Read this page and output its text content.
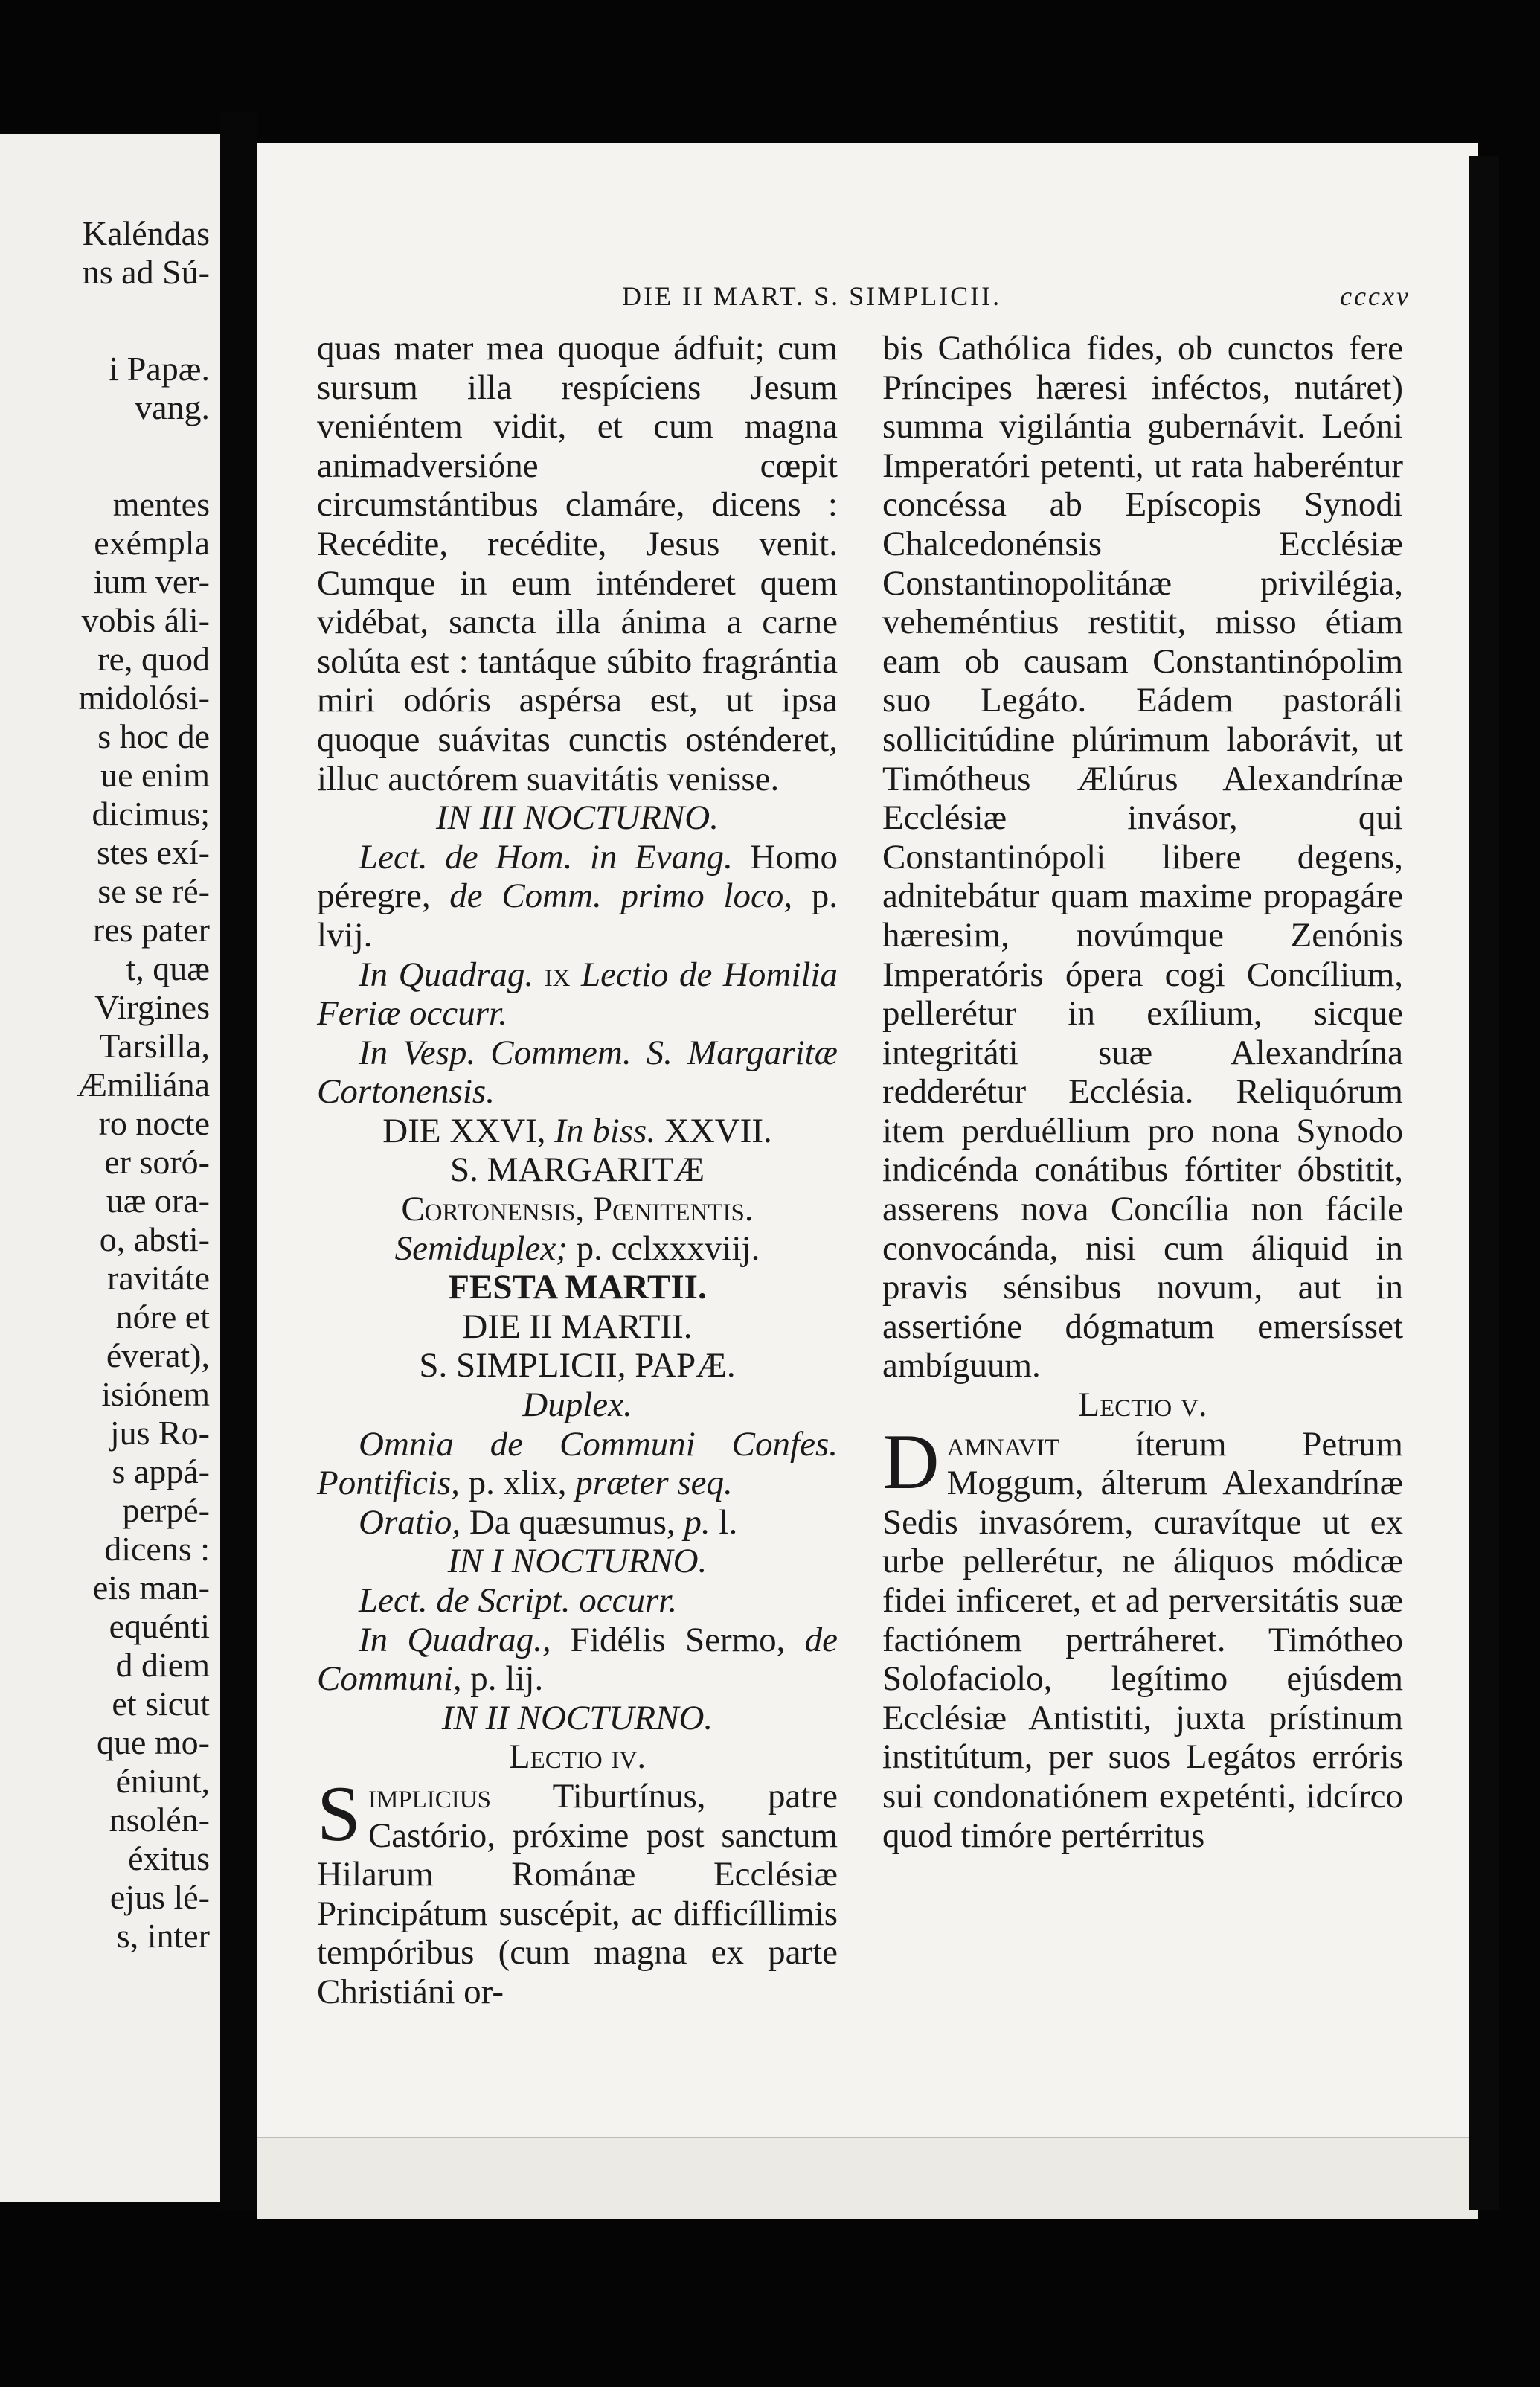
Kaléndas
ns ad Sú-
i Papæ.
vang.
mentes
exémpla
ium ver-
vobis áli-
re, quod
midolósi-
s hoc de
ue enim
dicimus;
stes exí-
se se ré-
res pater
t, quæ
Virgines
Tarsilla,
Æmiliána
ro nocte
er soró-
uæ ora-
o, absti-
ravitáte
nóre et
éverat),
isiónem
jus Ro-
s appá-
perpé-
dicens :
eis man-
equénti
d diem
et sicut
que mo-
éniunt,
nsolén-
éxitus
ejus lé-
s, inter
DIE II MART. S. SIMPLICII.	cccxv

quas mater mea quoque ádfuit; cum sursum illa respíciens Jesum veniéntem vidit, et cum magna animadversióne cœpit circumstántibus clamáre, dicens : Recédite, recédite, Jesus venit. Cumque in eum inténderet quem vidébat, sancta illa ánima a carne solúta est : tantáque súbito fragrántia miri odóris aspérsa est, ut ipsa quoque suávitas cunctis osténderet, illuc auctórem suavitátis venisse.

IN III NOCTURNO.

Lect. de Hom. in Evang. Homo péregre, de Comm. primo loco, p. lvij.

In Quadrag. ix Lectio de Homilia Feriæ occurr.

In Vesp. Commem. S. Margaritæ Cortonensis.

DIE XXVI, In biss. XXVII.

S. MARGARITÆ

Cortonensis, Pœnitentis.

Semiduplex; p. cclxxxviij.

FESTA MARTII.

DIE II MARTII.

S. SIMPLICII, PAPÆ.

Duplex.

Omnia de Communi Confes. Pontificis, p. xlix, præter seq.

Oratio, Da quæsumus, p. l.

IN I NOCTURNO.

Lect. de Script. occurr.

In Quadrag., Fidélis Sermo, de Communi, p. lij.

IN II NOCTURNO.

Lectio iv.

Simplicius Tiburtínus, patre Castório, próxime post sanctum Hilarum Románæ Ecclésiæ Principátum suscépit, ac difficíllimis tempóribus (cum magna ex parte Christiáni or-

bis Cathólica fides, ob cunctos fere Príncipes hæresi inféctos, nutáret) summa vigilántia gubernávit. Leóni Imperatóri petenti, ut rata haberéntur concéssa ab Epíscopis Synodi Chalcedonénsis Ecclésiæ Constantinopolitánæ privilégia, veheméntius restitit, misso étiam eam ob causam Constantinópolim suo Legáto. Eádem pastoráli sollicitúdine plúrimum laborávit, ut Timótheus Ælúrus Alexandrínæ Ecclésiæ invásor, qui Constantinópoli libere degens, adnitebátur quam maxime propagáre hæresim, novúmque Zenónis Imperatóris ópera cogi Concílium, pellerétur in exílium, sicque integritáti suæ Alexandrína redderétur Ecclésia. Reliquórum item perduéllium pro nona Synodo indicénda conátibus fórtiter óbstitit, asserens nova Concília non fácile convocánda, nisi cum áliquid in pravis sénsibus novum, aut in assertióne dógmatum emersísset ambíguum.

Lectio v.

Damnavit íterum Petrum Moggum, álterum Alexandrínæ Sedis invasórem, curavítque ut ex urbe pellerétur, ne áliquos módicæ fidei inficeret, et ad perversitátis suæ factiónem pertráheret. Timótheo Solofaciolo, legítimo ejúsdem Ecclésiæ Antistiti, juxta prístinum institútum, per suos Legátos erróris sui condonatiónem expeténti, idcírco quod timóre pertérritus
